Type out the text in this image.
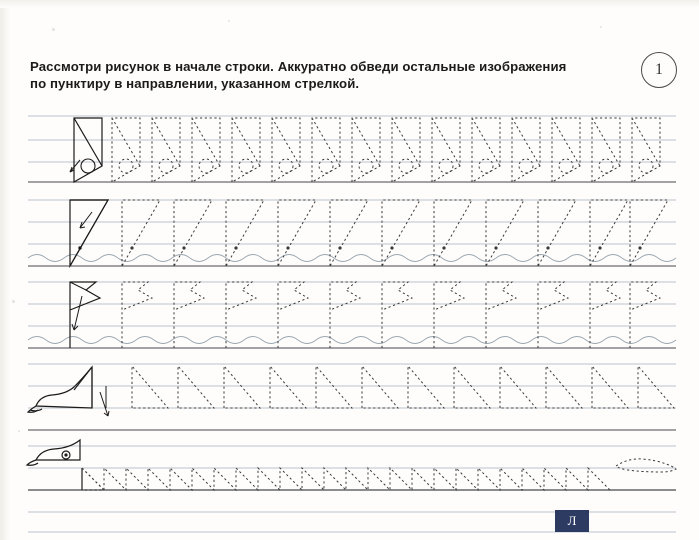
Рассмотри рисунок в начале строки. Аккуратно обведи остальные изображения
по пунктиру в направлении, указанном стрелкой.
1
Л
